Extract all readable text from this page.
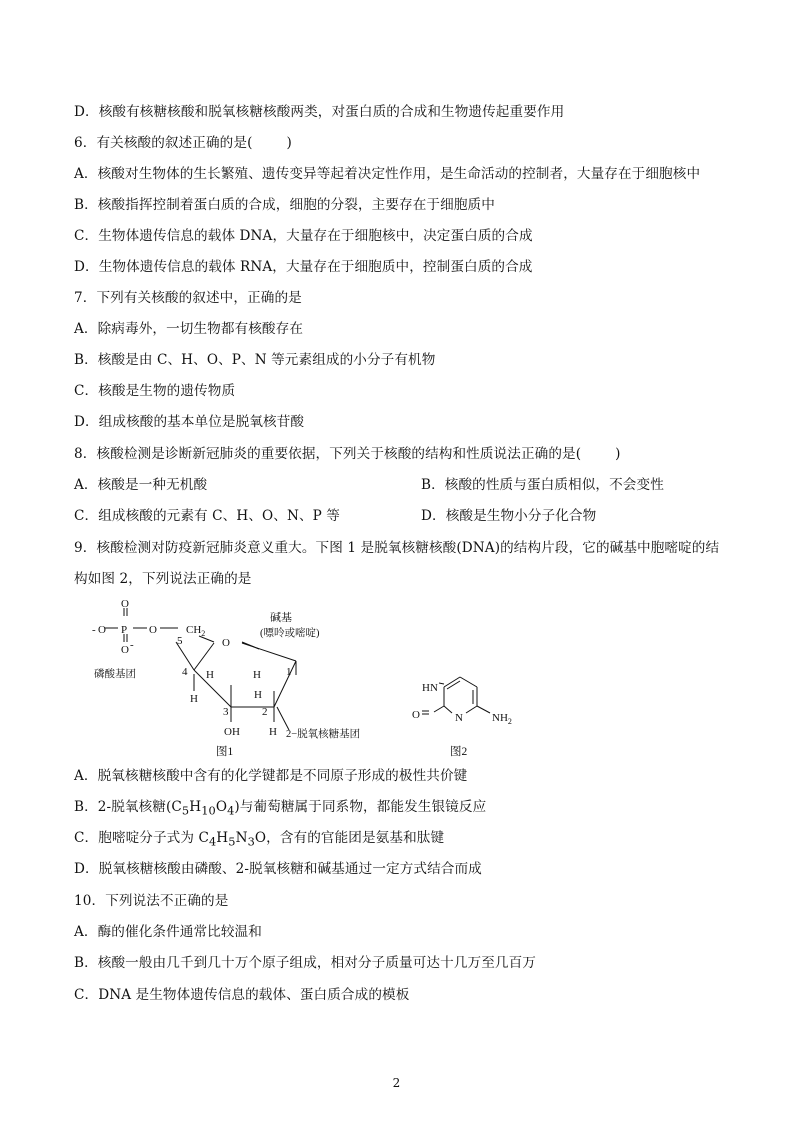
D．核酸有核糖核酸和脱氧核糖核酸两类，对蛋白质的合成和生物遗传起重要作用
6．有关核酸的叙述正确的是(	)
A．核酸对生物体的生长繁殖、遗传变异等起着决定性作用，是生命活动的控制者，大量存在于细胞核中
B．核酸指挥控制着蛋白质的合成，细胞的分裂，主要存在于细胞质中
C．生物体遗传信息的载体 DNA，大量存在于细胞核中，决定蛋白质的合成
D．生物体遗传信息的载体 RNA，大量存在于细胞质中，控制蛋白质的合成
7．下列有关核酸的叙述中，正确的是
A．除病毒外，一切生物都有核酸存在
B．核酸是由 C、H、O、P、N 等元素组成的小分子有机物
C．核酸是生物的遗传物质
D．组成核酸的基本单位是脱氧核苷酸
8．核酸检测是诊断新冠肺炎的重要依据，下列关于核酸的结构和性质说法正确的是(	)
A．核酸是一种无机酸	B．核酸的性质与蛋白质相似，不会变性
C．组成核酸的元素有 C、H、O、N、P 等	D．核酸是生物小分子化合物
9．核酸检测对防疫新冠肺炎意义重大。下图 1 是脱氧核糖核酸(DNA)的结构片段，它的碱基中胞嘧啶的结
构如图 2，下列说法正确的是
- O
O
P O
O -
$CH_2$
5	O
4 H
H
3	2
H 1
H
OH	H
碱基
(嘌呤或嘧啶)
磷酸基团
2−脱氧核糖基团
图1
HN
O	N	$NH_2$
图2
A．脱氧核糖核酸中含有的化学键都是不同原子形成的极性共价键
B．2-脱氧核糖$(C_5H_{10}O_4)$与葡萄糖属于同系物，都能发生银镜反应
C．胞嘧啶分子式为 $C_4H_5N_3O$，含有的官能团是氨基和肽键
D．脱氧核糖核酸由磷酸、2-脱氧核糖和碱基通过一定方式结合而成
10．下列说法不正确的是
A．酶的催化条件通常比较温和
B．核酸一般由几千到几十万个原子组成，相对分子质量可达十几万至几百万
C．DNA 是生物体遗传信息的载体、蛋白质合成的模板
2
